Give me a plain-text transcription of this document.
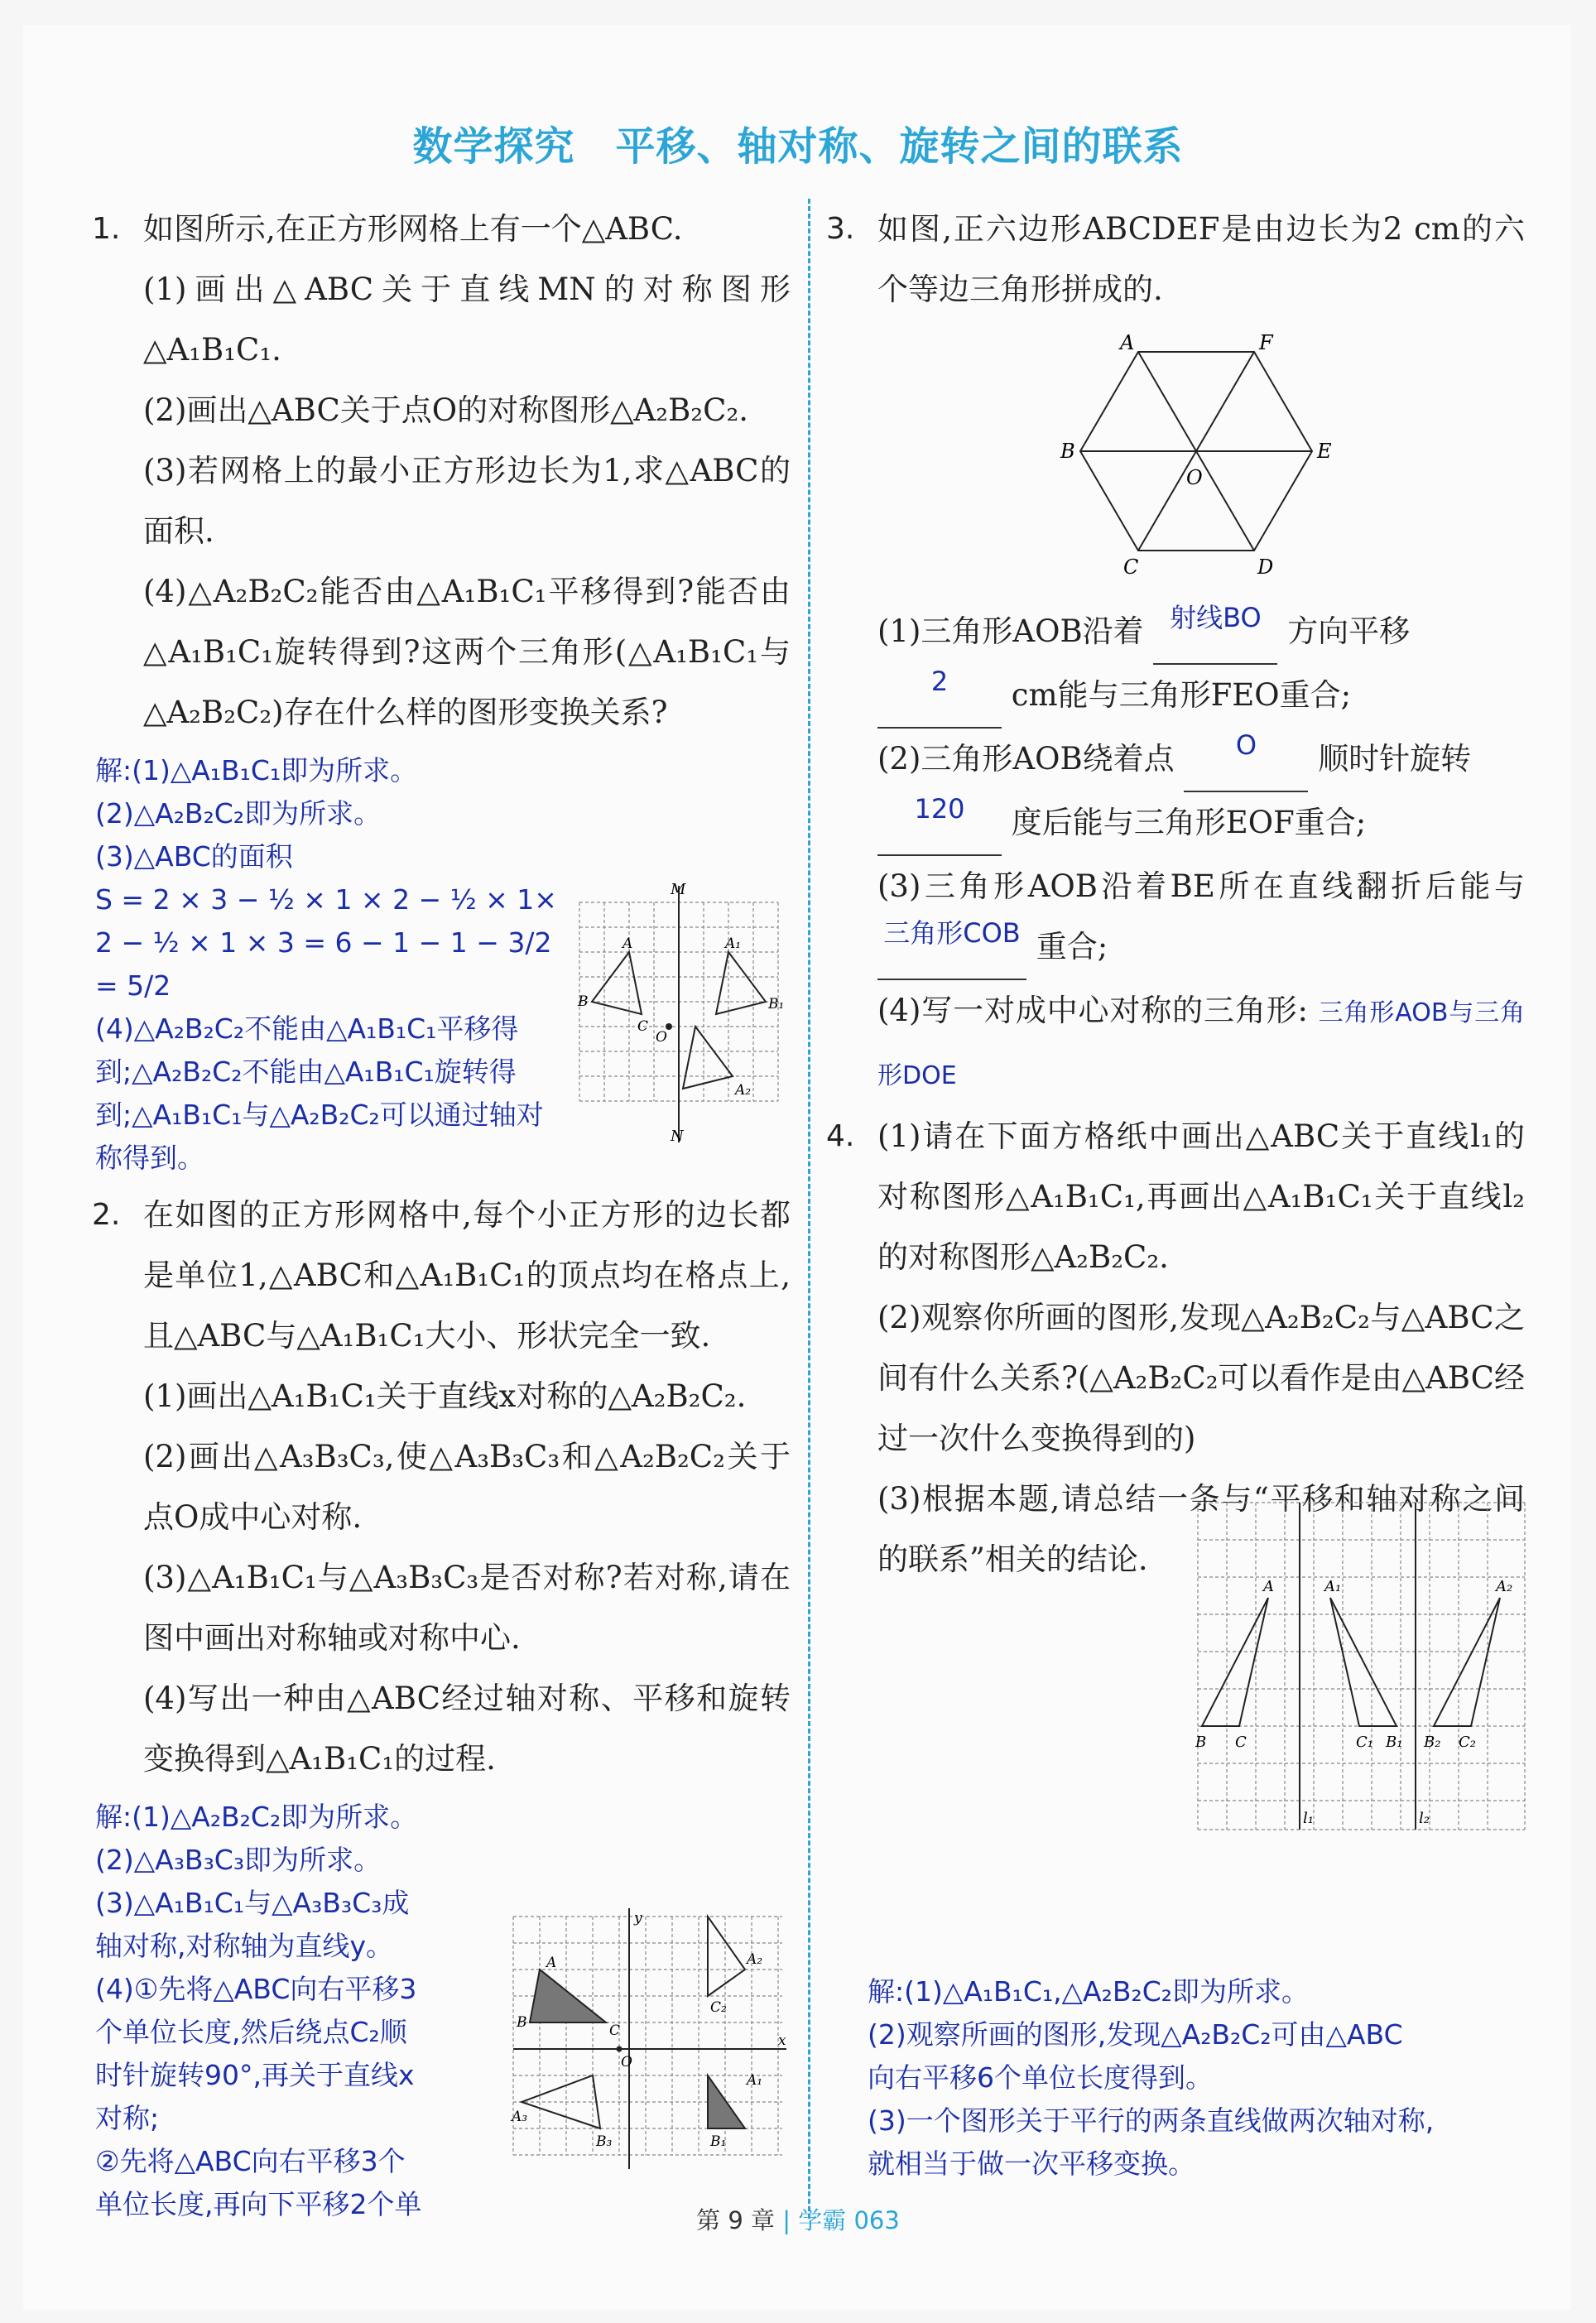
数学探究　平移、轴对称、旋转之间的联系
1. 如图所示,在正方形网格上有一个△ABC.
(1)画出△ABC关于直线MN的对称图形△A₁B₁C₁.
(2)画出△ABC关于点O的对称图形△A₂B₂C₂.
(3)若网格上的最小正方形边长为1,求△ABC的面积.
(4)△A₂B₂C₂能否由△A₁B₁C₁平移得到?能否由△A₁B₁C₁旋转得到?这两个三角形(△A₁B₁C₁与△A₂B₂C₂)存在什么样的图形变换关系?
解:(1)△A₁B₁C₁即为所求。
(2)△A₂B₂C₂即为所求。
(3)△ABC的面积
S = 2 × 3 − ½ × 1 × 2 − ½ × 1×
2 − ½ × 1 × 3 = 6 − 1 − 1 − 3/2
= 5/2
(4)△A₂B₂C₂不能由△A₁B₁C₁平移得到;△A₂B₂C₂不能由△A₁B₁C₁旋转得到;△A₁B₁C₁与△A₂B₂C₂可以通过轴对称得到。
2. 在如图的正方形网格中,每个小正方形的边长都是单位1,△ABC和△A₁B₁C₁的顶点均在格点上,且△ABC与△A₁B₁C₁大小、形状完全一致.
(1)画出△A₁B₁C₁关于直线x对称的△A₂B₂C₂.
(2)画出△A₃B₃C₃,使△A₃B₃C₃和△A₂B₂C₂关于点O成中心对称.
(3)△A₁B₁C₁与△A₃B₃C₃是否对称?若对称,请在图中画出对称轴或对称中心.
(4)写出一种由△ABC经过轴对称、平移和旋转变换得到△A₁B₁C₁的过程.
解:(1)△A₂B₂C₂即为所求。
(2)△A₃B₃C₃即为所求。
(3)△A₁B₁C₁与△A₃B₃C₃成
轴对称,对称轴为直线y。
(4)①先将△ABC向右平移3
个单位长度,然后绕点C₂顺
时针旋转90°,再关于直线x
对称;
②先将△ABC向右平移3个
单位长度,再向下平移2个单
M
N
A
B
C
O
A₁
B₁
A₂
y
x
O
A
B	C
A₂
C₂
A₁
B₁
A₃
B₃
3. 如图,正六边形ABCDEF是由边长为2 cm的六个等边三角形拼成的.
(1)三角形AOB沿着 射线BO 方向平移
2 cm能与三角形FEO重合;
(2)三角形AOB绕着点 O 顺时针旋转
120 度后能与三角形EOF重合;
(3)三角形AOB沿着BE所在直线翻折后能与 三角形COB 重合;
(4)写一对成中心对称的三角形: 三角形AOB与三角形DOE
4. (1)请在下面方格纸中画出△ABC关于直线l₁的对称图形△A₁B₁C₁,再画出△A₁B₁C₁关于直线l₂的对称图形△A₂B₂C₂.
(2)观察你所画的图形,发现△A₂B₂C₂与△ABC之间有什么关系?(△A₂B₂C₂可以看作是由△ABC经过一次什么变换得到的)
(3)根据本题,请总结一条与“平移和轴对称之间的联系”相关的结论.
解:(1)△A₁B₁C₁,△A₂B₂C₂即为所求。
(2)观察所画的图形,发现△A₂B₂C₂可由△ABC
向右平移6个单位长度得到。
(3)一个图形关于平行的两条直线做两次轴对称,
就相当于做一次平移变换。
A	F
B	E
O
C	D
A
B C
A₁	A₂
C₁ B₁ B₂ C₂
l₁	l₂
第 9 章 | 学霸 063
